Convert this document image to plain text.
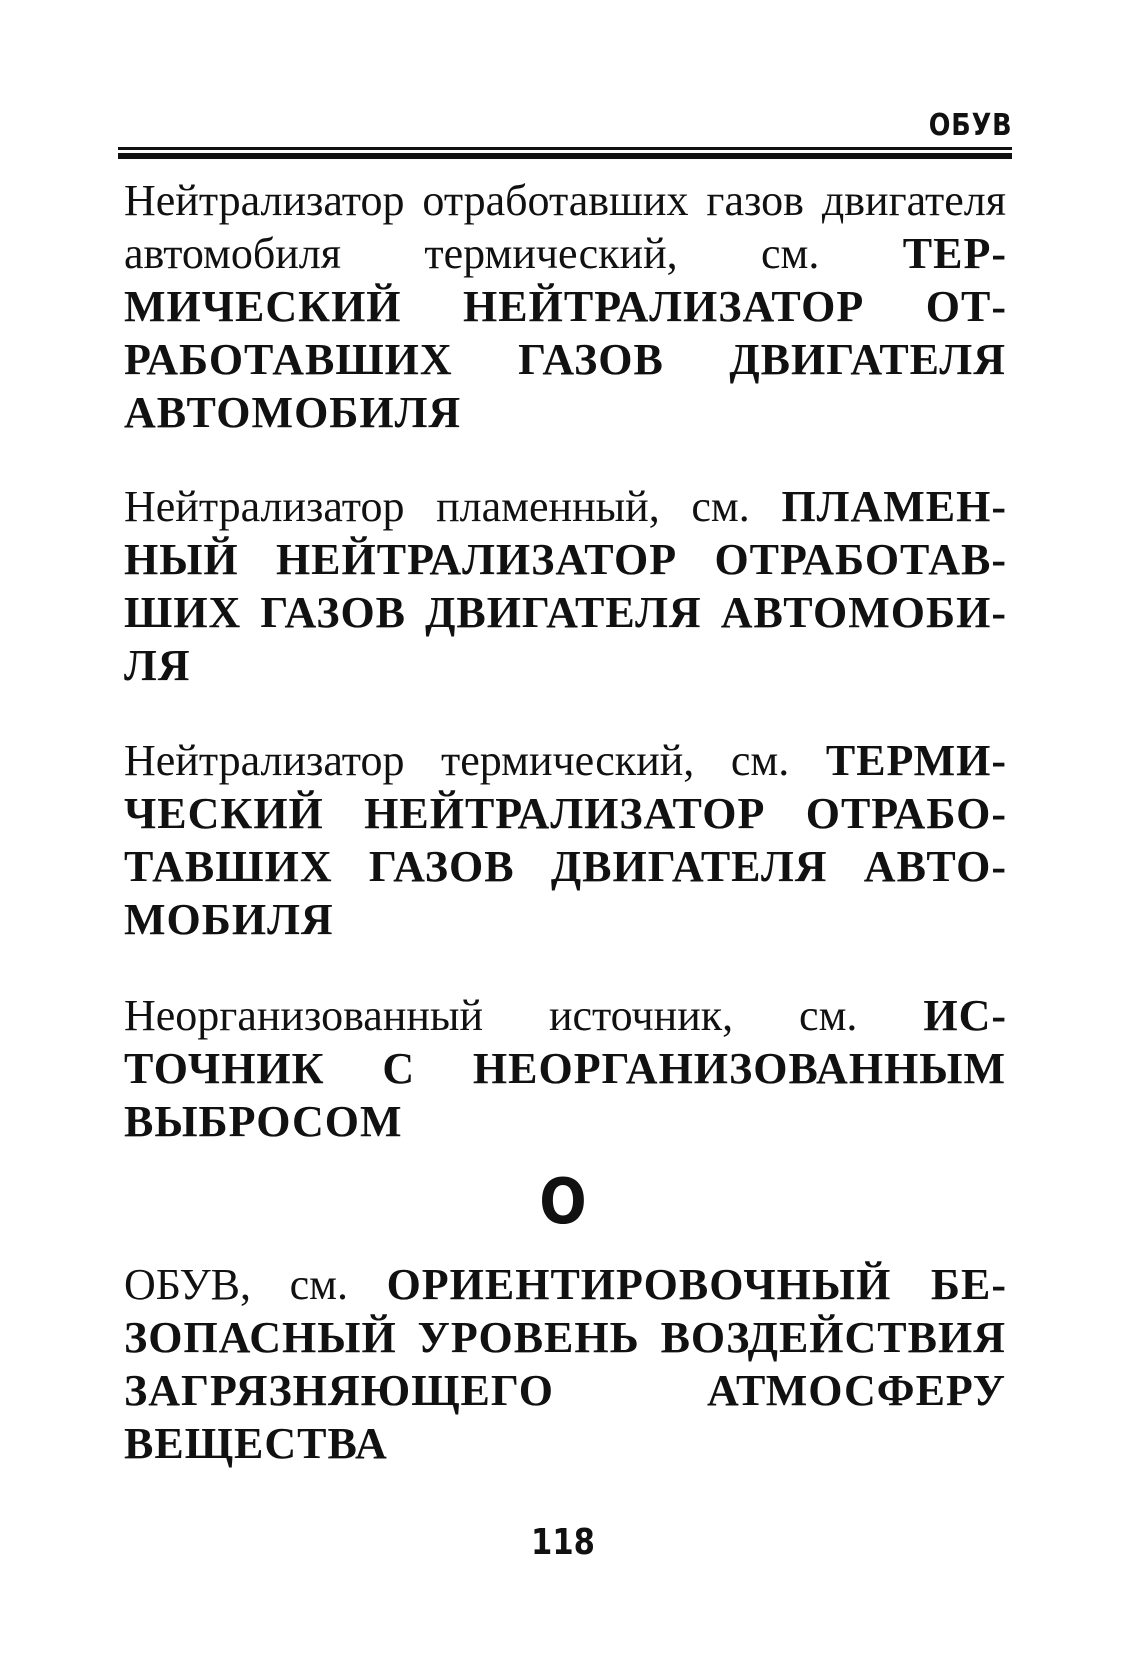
ОБУВ
Нейтрализатор отработавших газов двигателя автомобиля термический, см. ТЕРМИЧЕСКИЙ НЕЙТРАЛИЗАТОР ОТРАБОТАВШИХ ГАЗОВ ДВИГАТЕЛЯ АВТОМОБИЛЯ
Нейтрализатор пламенный, см. ПЛАМЕННЫЙ НЕЙТРАЛИЗАТОР ОТРАБОТАВШИХ ГАЗОВ ДВИГАТЕЛЯ АВТОМОБИЛЯ
Нейтрализатор термический, см. ТЕРМИЧЕСКИЙ НЕЙТРАЛИЗАТОР ОТРАБОТАВШИХ ГАЗОВ ДВИГАТЕЛЯ АВТОМОБИЛЯ
Неорганизованный источник, см. ИСТОЧНИК С НЕОРГАНИЗОВАННЫМ ВЫБРОСОМ
О
ОБУВ, см. ОРИЕНТИРОВОЧНЫЙ БЕЗОПАСНЫЙ УРОВЕНЬ ВОЗДЕЙСТВИЯ ЗАГРЯЗНЯЮЩЕГО АТМОСФЕРУ ВЕЩЕСТВА
118
